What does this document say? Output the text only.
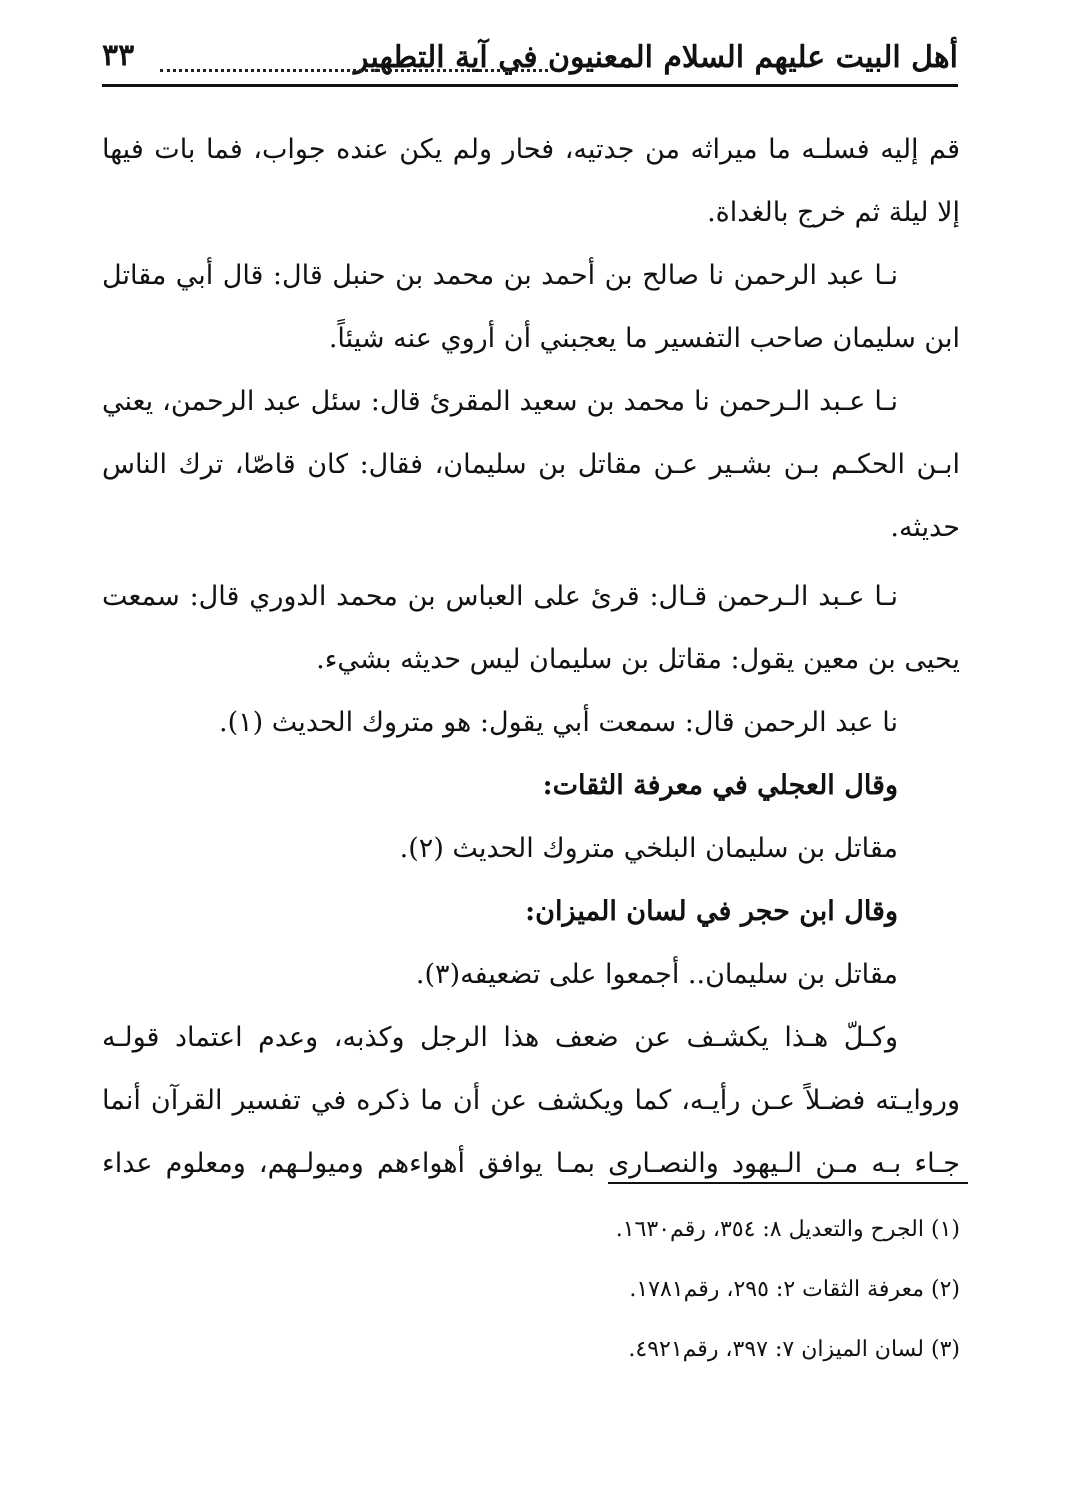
أهل البيت عليهم السلام المعنيون في آية التطهير
٣٣
قم إليه فسلـه ما ميراثه من جدتيه، فحار ولم يكن عنده جواب، فما بات فيها
إلا ليلة ثم خرج بالغداة.
نـا عبد الرحمن نا صالح بن أحمد بن محمد بن حنبل قال: قال أبي مقاتل
ابن سليمان صاحب التفسير ما يعجبني أن أروي عنه شيئاً.
نـا عـبد الـرحمن نا محمد بن سعيد المقرئ قال: سئل عبد الرحمن، يعني
ابـن الحكـم بـن بشـير عـن مقاتل بن سليمان، فقال: كان قاصّا، ترك الناس
حديثه.
نـا عـبد الـرحمن قـال: قرئ على العباس بن محمد الدوري قال: سمعت
يحيى بن معين يقول: مقاتل بن سليمان ليس حديثه بشيء.
نا عبد الرحمن قال: سمعت أبي يقول: هو متروك الحديث (١).
وقال العجلي في معرفة الثقات:
مقاتل بن سليمان البلخي متروك الحديث (٢).
وقال ابن حجر في لسان الميزان:
مقاتل بن سليمان.. أجمعوا على تضعيفه(٣).
وكـلّ هـذا يكشـف عن ضعف هذا الرجل وكذبه، وعدم اعتماد قولـه
وروايـته فضـلاً عـن رأيـه، كما ويكشف عن أن ما ذكره في تفسير القرآن أنما
جـاء بـه مـن الـيهود والنصـارى بمـا يوافق أهواءهم وميولـهم، ومعلوم عداء
(١) الجرح والتعديل ٨: ٣٥٤، رقم١٦٣٠.
(٢) معرفة الثقات ٢: ٢٩٥، رقم١٧٨١.
(٣) لسان الميزان ٧: ٣٩٧، رقم٤٩٢١.
